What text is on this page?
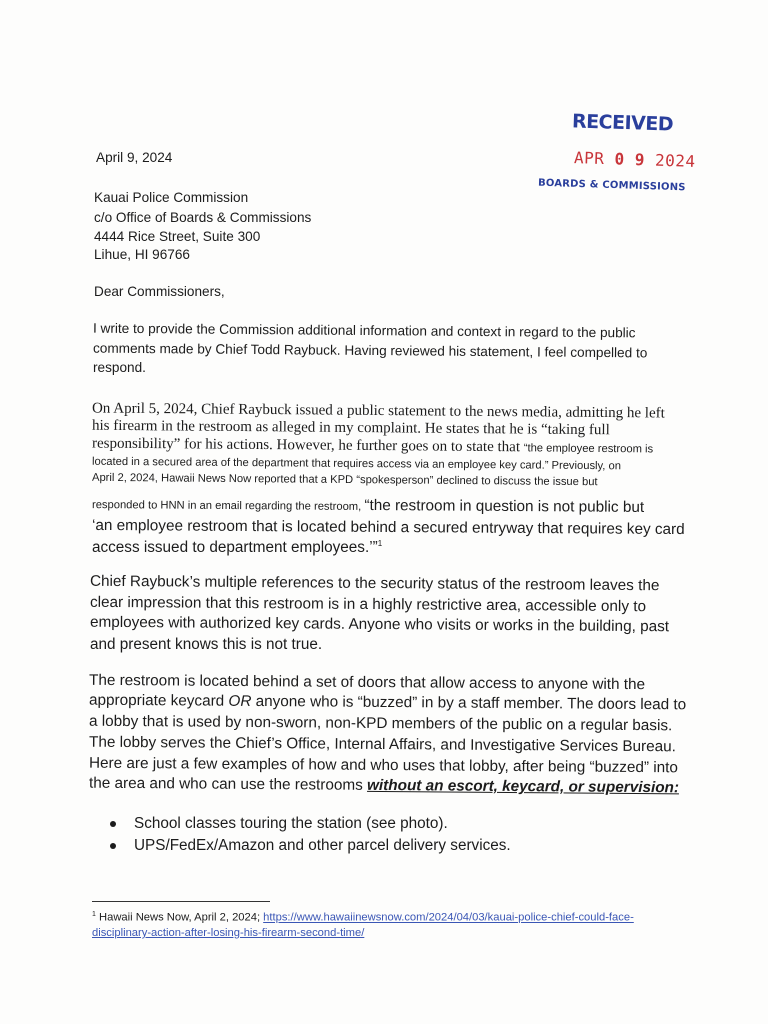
RECEIVED
APR 0 9 2024
BOARDS & COMMISSIONS
April 9, 2024
Kauai Police Commission
c/o Office of Boards & Commissions
4444 Rice Street, Suite 300
Lihue, HI 96766
Dear Commissioners,
I write to provide the Commission additional information and context in regard to the public
comments made by Chief Todd Raybuck. Having reviewed his statement, I feel compelled to
respond.
On April 5, 2024, Chief Raybuck issued a public statement to the news media, admitting he left
his firearm in the restroom as alleged in my complaint. He states that he is “taking full
responsibility” for his actions. However, he further goes on to state that “the employee restroom is
located in a secured area of the department that requires access via an employee key card.” Previously, on
April 2, 2024, Hawaii News Now reported that a KPD “spokesperson” declined to discuss the issue but
responded to HNN in an email regarding the restroom, “the restroom in question is not public but
‘an employee restroom that is located behind a secured entryway that requires key card
access issued to department employees.’”$^1$
Chief Raybuck’s multiple references to the security status of the restroom leaves the
clear impression that this restroom is in a highly restrictive area, accessible only to
employees with authorized key cards. Anyone who visits or works in the building, past
and present knows this is not true.
The restroom is located behind a set of doors that allow access to anyone with the
appropriate keycard OR anyone who is “buzzed” in by a staff member. The doors lead to
a lobby that is used by non-sworn, non-KPD members of the public on a regular basis.
The lobby serves the Chief’s Office, Internal Affairs, and Investigative Services Bureau.
Here are just a few examples of how and who uses that lobby, after being “buzzed” into
the area and who can use the restrooms without an escort, keycard, or supervision:
School classes touring the station (see photo).
UPS/FedEx/Amazon and other parcel delivery services.
$^1$ Hawaii News Now, April 2, 2024; https://www.hawaiinewsnow.com/2024/04/03/kauai-police-chief-could-face-
disciplinary-action-after-losing-his-firearm-second-time/
